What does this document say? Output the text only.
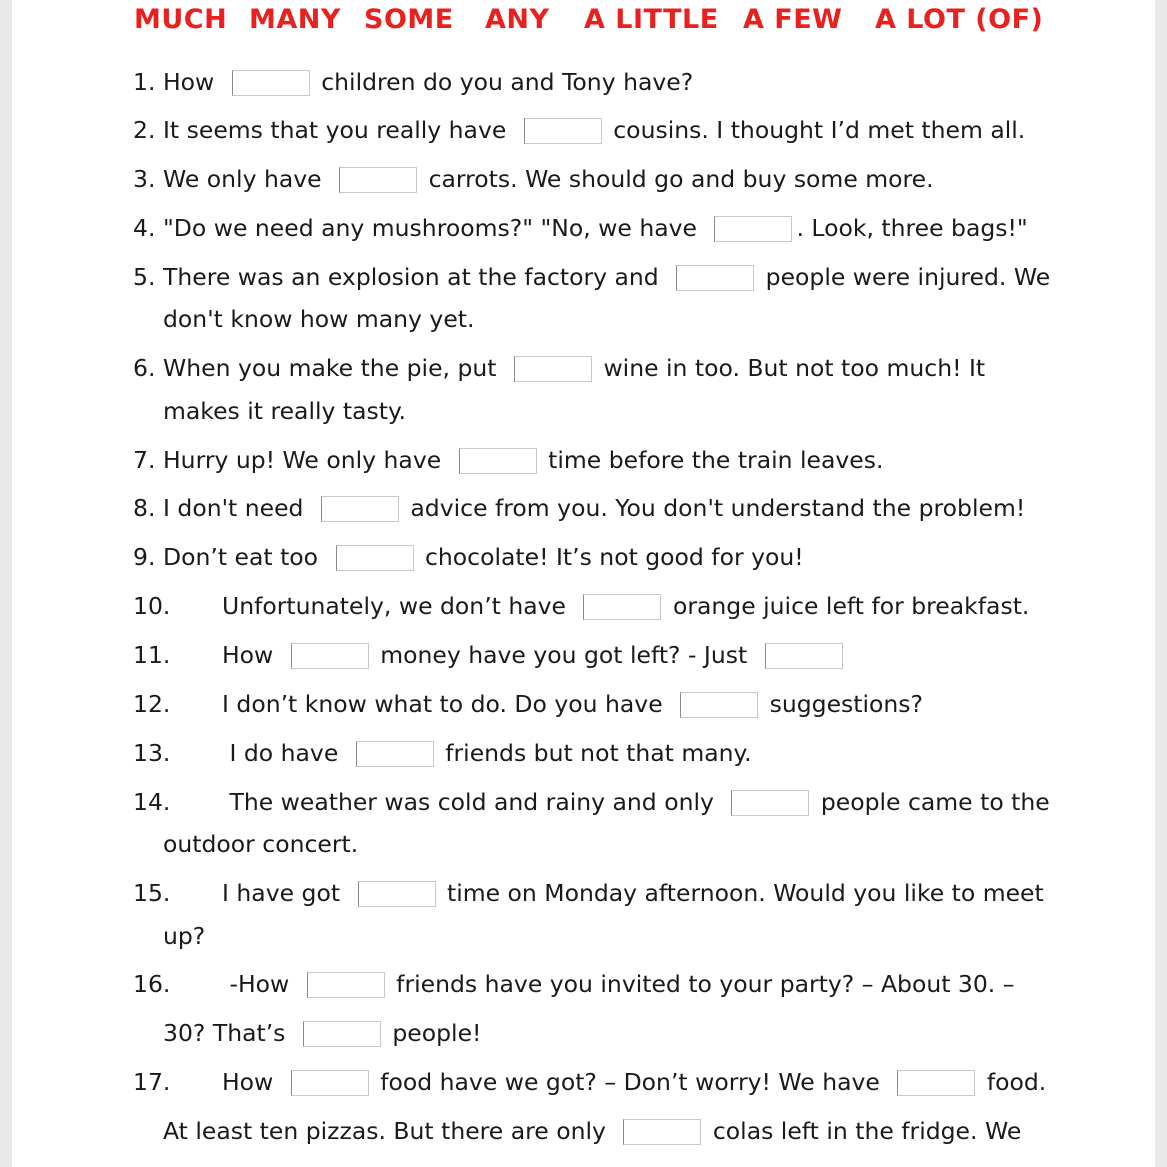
MUCH MANY SOME ANY A LITTLE A FEW A LOT (OF)
1. How	children do you and Tony have?
2. It seems that you really have	cousins. I thought I’d met them all.
3. We only have	carrots. We should go and buy some more.
4. "Do we need any mushrooms?" "No, we have	. Look, three bags!"
5. There was an explosion at the factory and	people were injured. We
don't know how many yet.
6. When you make the pie, put	wine in too. But not too much! It
makes it really tasty.
7. Hurry up! We only have	time before the train leaves.
8. I don't need	advice from you. You don't understand the problem!
9. Don’t eat too	chocolate! It’s not good for you!
10. Unfortunately, we don’t have	orange juice left for breakfast.
11. How	money have you got left? - Just
12. I don’t know what to do. Do you have	suggestions?
13. I do have	friends but not that many.
14. The weather was cold and rainy and only	people came to the
outdoor concert.
15. I have got	time on Monday afternoon. Would you like to meet
up?
16. -How	friends have you invited to your party? – About 30. –
30? That’s	people!
17. How	food have we got? – Don’t worry! We have	food.
At least ten pizzas. But there are only	colas left in the fridge. We
